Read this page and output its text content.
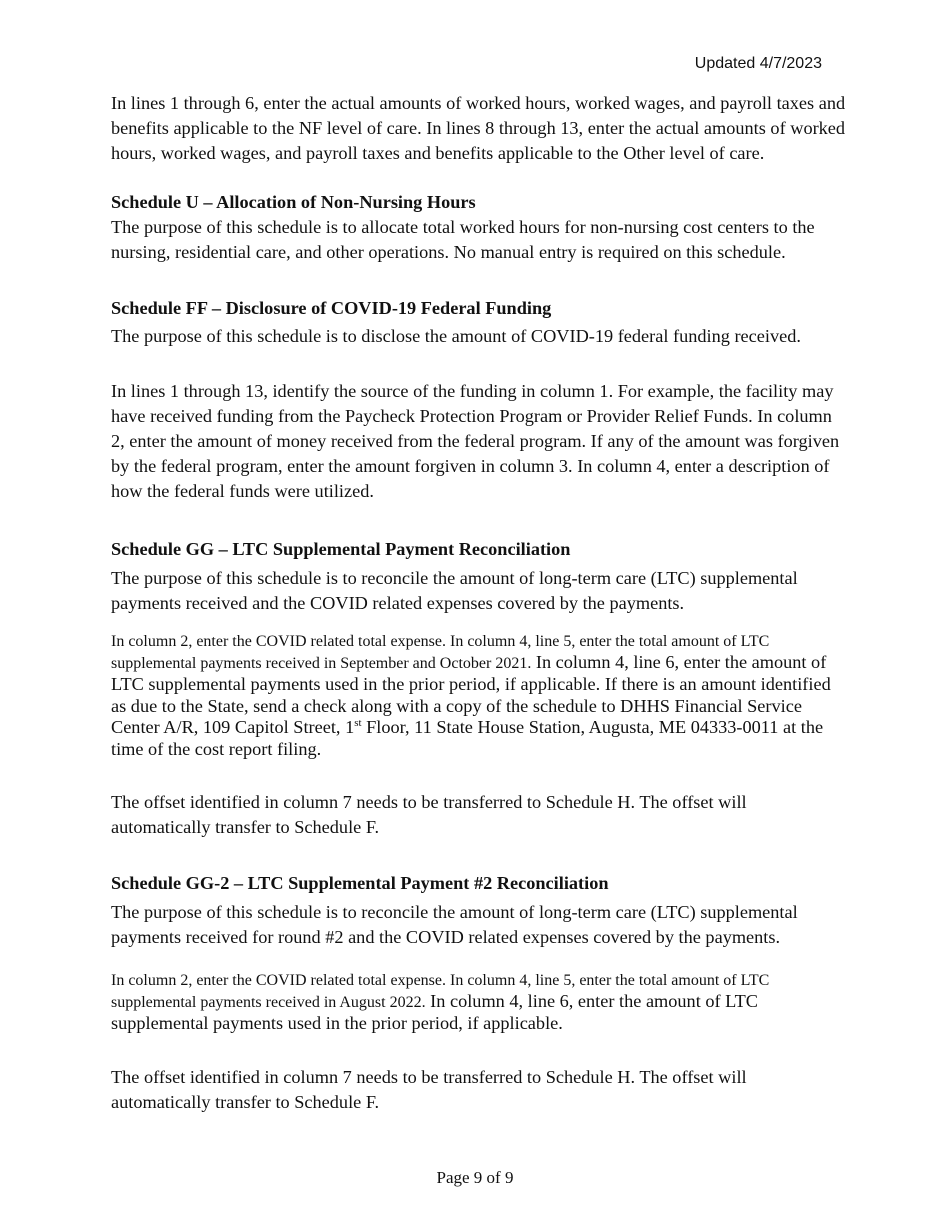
Updated 4/7/2023

In lines 1 through 6, enter the actual amounts of worked hours, worked wages, and payroll taxes and benefits applicable to the NF level of care. In lines 8 through 13, enter the actual amounts of worked hours, worked wages, and payroll taxes and benefits applicable to the Other level of care.

Schedule U – Allocation of Non-Nursing Hours

The purpose of this schedule is to allocate total worked hours for non-nursing cost centers to the nursing, residential care, and other operations. No manual entry is required on this schedule.

Schedule FF – Disclosure of COVID-19 Federal Funding

The purpose of this schedule is to disclose the amount of COVID-19 federal funding received.

In lines 1 through 13, identify the source of the funding in column 1. For example, the facility may have received funding from the Paycheck Protection Program or Provider Relief Funds. In column 2, enter the amount of money received from the federal program. If any of the amount was forgiven by the federal program, enter the amount forgiven in column 3. In column 4, enter a description of how the federal funds were utilized.

Schedule GG – LTC Supplemental Payment Reconciliation

The purpose of this schedule is to reconcile the amount of long-term care (LTC) supplemental payments received and the COVID related expenses covered by the payments.

In column 2, enter the COVID related total expense. In column 4, line 5, enter the total amount of LTC supplemental payments received in September and October 2021. In column 4, line 6, enter the amount of LTC supplemental payments used in the prior period, if applicable. If there is an amount identified as due to the State, send a check along with a copy of the schedule to DHHS Financial Service Center A/R, 109 Capitol Street, 1st Floor, 11 State House Station, Augusta, ME 04333-0011 at the time of the cost report filing.

The offset identified in column 7 needs to be transferred to Schedule H. The offset will automatically transfer to Schedule F.

Schedule GG-2 – LTC Supplemental Payment #2 Reconciliation

The purpose of this schedule is to reconcile the amount of long-term care (LTC) supplemental payments received for round #2 and the COVID related expenses covered by the payments.

In column 2, enter the COVID related total expense. In column 4, line 5, enter the total amount of LTC supplemental payments received in August 2022. In column 4, line 6, enter the amount of LTC supplemental payments used in the prior period, if applicable.

The offset identified in column 7 needs to be transferred to Schedule H. The offset will automatically transfer to Schedule F.

Page 9 of 9
